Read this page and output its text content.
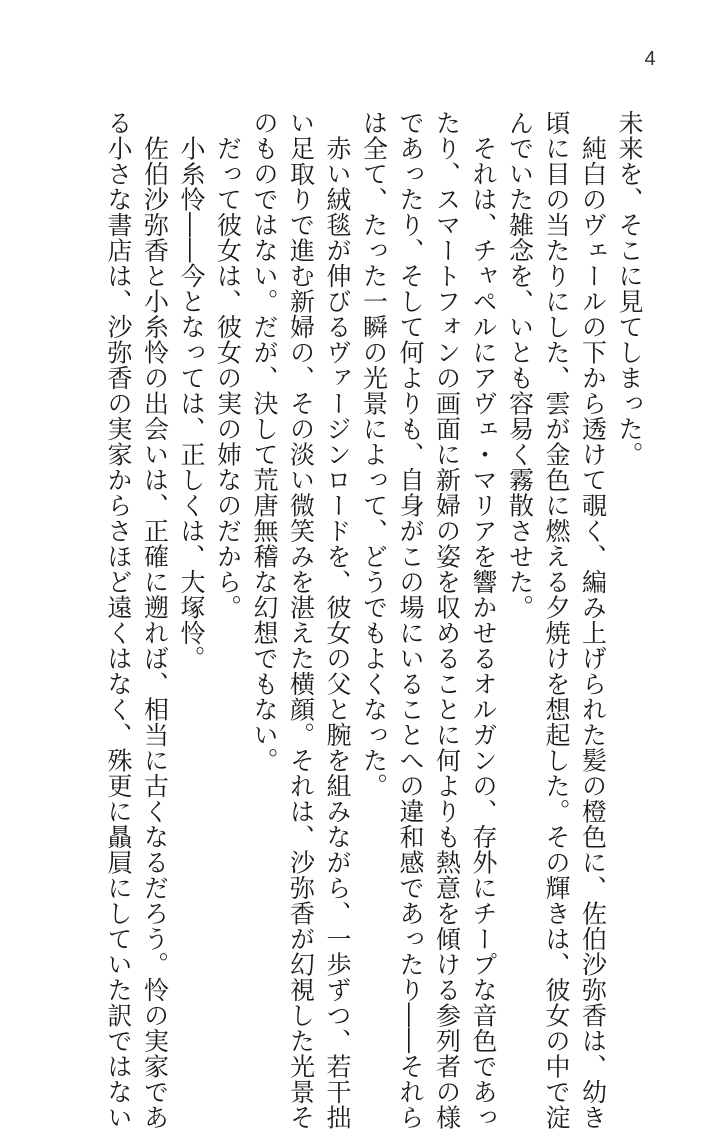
4

未来を、そこに見てしまった。

　純白のヴェールの下から透けて覗く、編み上げられた髪の橙色に、佐伯沙弥香は、幼き

頃に目の当たりにした、雲が金色に燃える夕焼けを想起した。その輝きは、彼女の中で淀

んでいた雑念を、いとも容易く霧散させた。

　それは、チャペルにアヴェ・マリアを響かせるオルガンの、存外にチープな音色であっ

たり、スマートフォンの画面に新婦の姿を収めることに何よりも熱意を傾ける参列者の様

であったり、そして何よりも、自身がこの場にいることへの違和感であったり――それら

は全て、たった一瞬の光景によって、どうでもよくなった。

　赤い絨毯が伸びるヴァージンロードを、彼女の父と腕を組みながら、一歩ずつ、若干拙

い足取りで進む新婦の、その淡い微笑みを湛えた横顔。それは、沙弥香が幻視した光景そ

のものではない。だが、決して荒唐無稽な幻想でもない。

　だって彼女は、彼女の実の姉なのだから。

　小糸怜――今となっては、正しくは、大塚怜。

　佐伯沙弥香と小糸怜の出会いは、正確に遡れば、相当に古くなるだろう。怜の実家であ

る小さな書店は、沙弥香の実家からさほど遠くはなく、殊更に贔屓にしていた訳ではない
